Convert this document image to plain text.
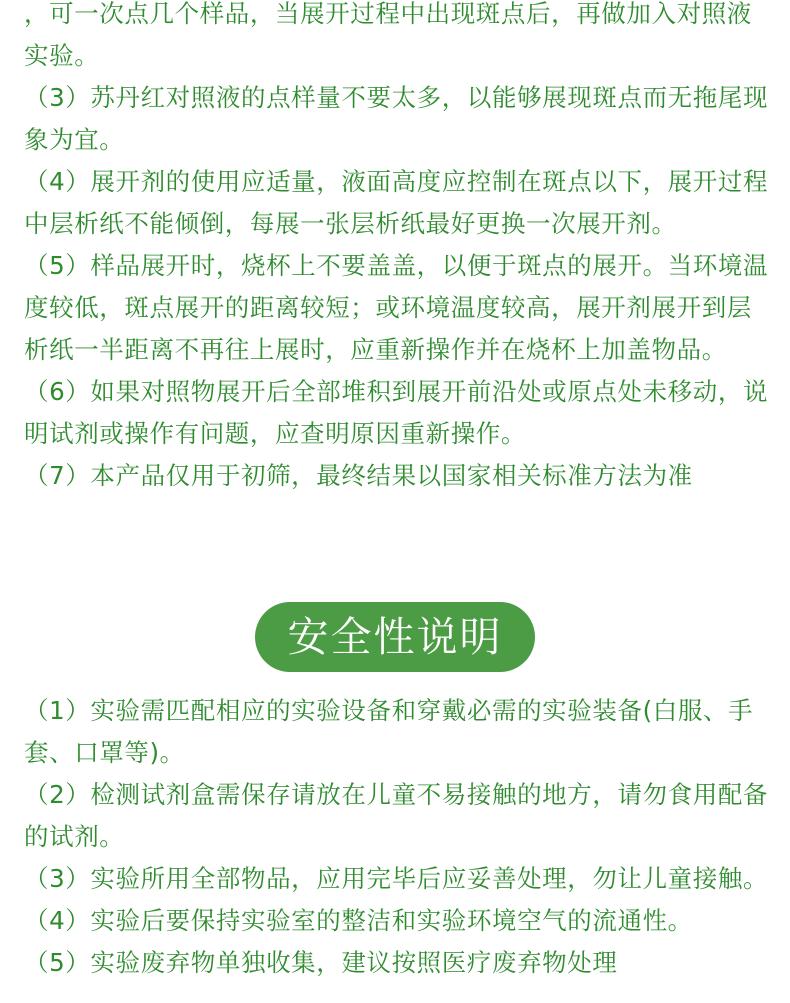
，可一次点几个样品，当展开过程中出现斑点后，再做加入对照液实验。

（3）苏丹红对照液的点样量不要太多，以能够展现斑点而无拖尾现象为宜。

（4）展开剂的使用应适量，液面高度应控制在斑点以下，展开过程中层析纸不能倾倒，每展一张层析纸最好更换一次展开剂。

（5）样品展开时，烧杯上不要盖盖，以便于斑点的展开。当环境温度较低，斑点展开的距离较短；或环境温度较高，展开剂展开到层析纸一半距离不再往上展时，应重新操作并在烧杯上加盖物品。

（6）如果对照物展开后全部堆积到展开前沿处或原点处未移动，说明试剂或操作有问题，应查明原因重新操作。

（7）本产品仅用于初筛，最终结果以国家相关标准方法为准

安全性说明

（1）实验需匹配相应的实验设备和穿戴必需的实验装备(白服、手套、口罩等)。

（2）检测试剂盒需保存请放在儿童不易接触的地方，请勿食用配备的试剂。

（3）实验所用全部物品，应用完毕后应妥善处理，勿让儿童接触。

（4）实验后要保持实验室的整洁和实验环境空气的流通性。

（5）实验废弃物单独收集，建议按照医疗废弃物处理
